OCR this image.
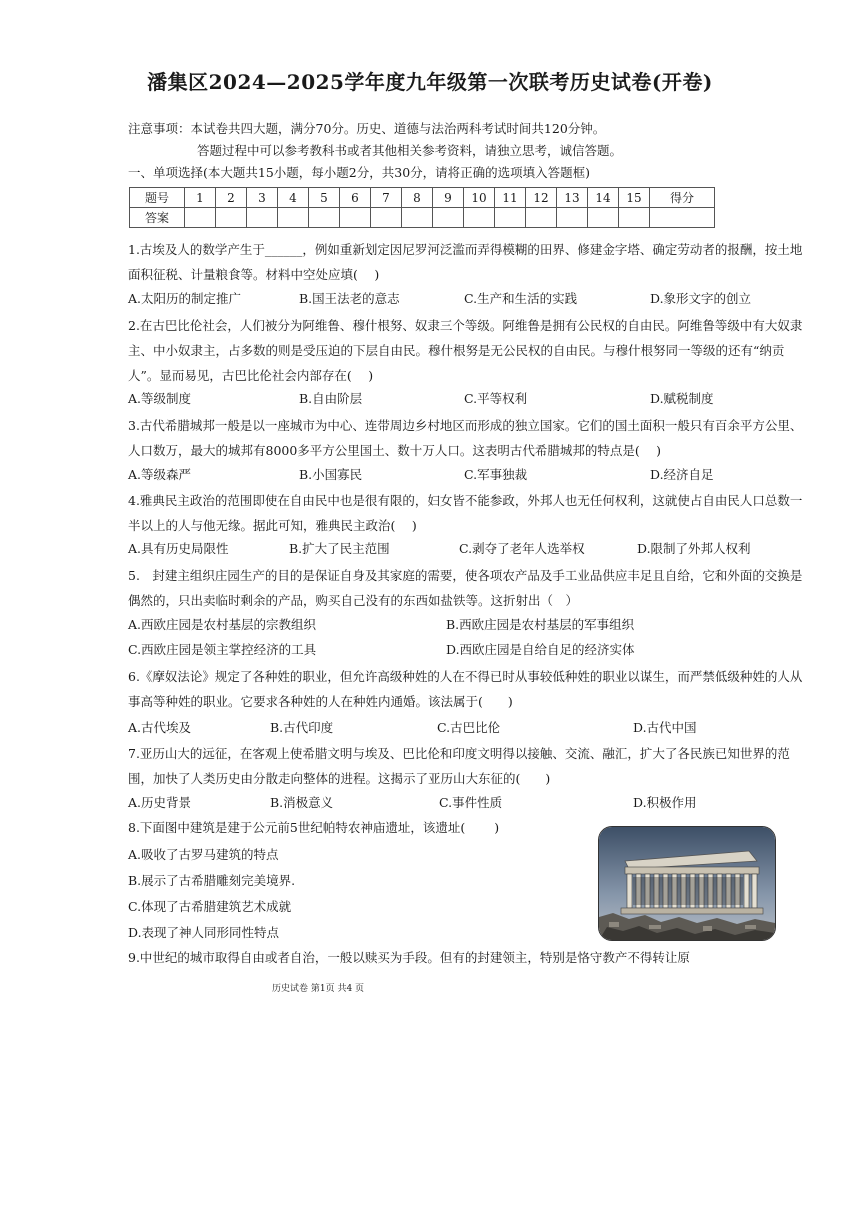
潘集区2024—2025学年度九年级第一次联考历史试卷(开卷)
注意事项：本试卷共四大题，满分70分。历史、道德与法治两科考试时间共120分钟。
答题过程中可以参考教科书或者其他相关参考资料，请独立思考，诚信答题。
一、单项选择(本大题共15小题，每小题2分，共30分，请将正确的选项填入答题框)
题号	1	2	3	4	5	6	7	8	9	10	11	12	13	14	15	得分
答案																
1.古埃及人的数学产生于______，例如重新划定因尼罗河泛滥而弄得模糊的田界、修建金字塔、确定劳动者的报酬，按土地面积征税、计量粮食等。材料中空处应填(　 )
A.太阳历的制定推广	B.国王法老的意志	C.生产和生活的实践	D.象形文字的创立
2.在古巴比伦社会，人们被分为阿维鲁、穆什根努、奴隶三个等级。阿维鲁是拥有公民权的自由民。阿维鲁等级中有大奴隶主、中小奴隶主，占多数的则是受压迫的下层自由民。穆什根努是无公民权的自由民。与穆什根努同一等级的还有“纳贡人”。显而易见，古巴比伦社会内部存在(　 )
A.等级制度	B.自由阶层	C.平等权利	D.赋税制度
3.古代希腊城邦一般是以一座城市为中心、连带周边乡村地区而形成的独立国家。它们的国土面积一般只有百余平方公里、人口数万，最大的城邦有8000多平方公里国土、数十万人口。这表明古代希腊城邦的特点是(　 )
A.等级森严	B.小国寡民	C.军事独裁	D.经济自足
4.雅典民主政治的范围即使在自由民中也是很有限的，妇女皆不能参政，外邦人也无任何权利，这就使占自由民人口总数一半以上的人与他无缘。据此可知，雅典民主政治(　 )
A.具有历史局限性	B.扩大了民主范围	C.剥夺了老年人选举权	D.限制了外邦人权利
5.　封建主组织庄园生产的目的是保证自身及其家庭的需要，使各项农产品及手工业品供应丰足且自给，它和外面的交换是偶然的，只出卖临时剩余的产品，购买自己没有的东西如盐铁等。这折射出（　）
A.西欧庄园是农村基层的宗教组织	B.西欧庄园是农村基层的军事组织
C.西欧庄园是领主掌控经济的工具	D.西欧庄园是自给自足的经济实体
6.《摩奴法论》规定了各种姓的职业，但允许高级种姓的人在不得已时从事较低种姓的职业以谋生，而严禁低级种姓的人从事高等种姓的职业。它要求各种姓的人在种姓内通婚。该法属于(　　)
A.古代埃及	B.古代印度	C.古巴比伦	D.古代中国
7.亚历山大的远征，在客观上使希腊文明与埃及、巴比伦和印度文明得以接触、交流、融汇，扩大了各民族已知世界的范围，加快了人类历史由分散走向整体的进程。这揭示了亚历山大东征的(　　)
A.历史背景	B.消极意义	C.事件性质	D.积极作用
8.下面图中建筑是建于公元前5世纪帕特农神庙遗址，该遗址(　　 )
A.吸收了古罗马建筑的特点
B.展示了古希腊雕刻完美境界.
C.体现了古希腊建筑艺术成就
D.表现了神人同形同性特点
9.中世纪的城市取得自由或者自治，一般以赎买为手段。但有的封建领主，特别是恪守教产不得转让原
历史试卷 第1页 共4 页
